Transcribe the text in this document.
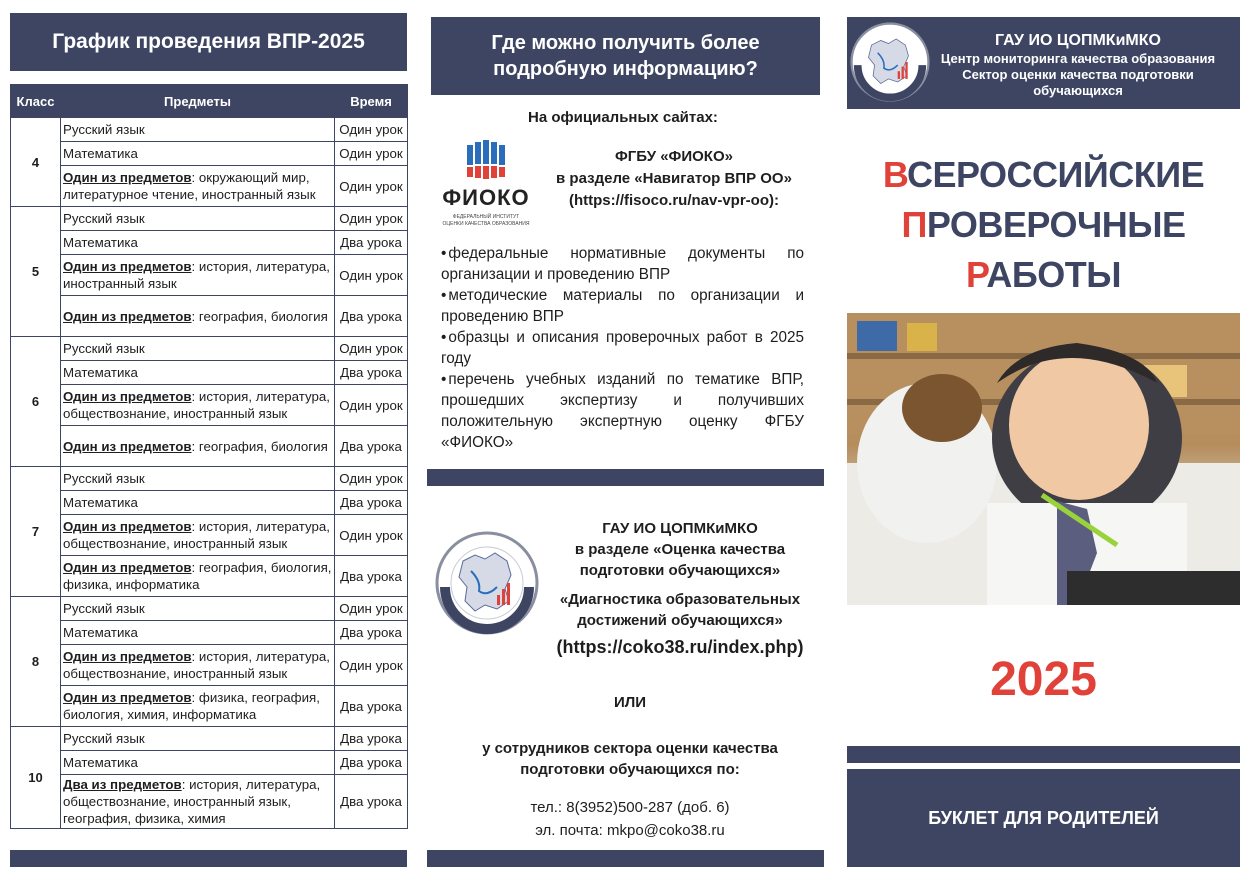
График проведения ВПР-2025
Класс	Предметы	Время
4	Русский язык	Один урок
	Математика	Один урок
	Один из предметов: окружающий мир, литературное чтение, иностранный язык	Один урок
5	Русский язык	Один урок
	Математика	Два урока
	Один из предметов: история, литература, иностранный язык	Один урок
	Один из предметов: география, биология	Два урока
6	Русский язык	Один урок
	Математика	Два урока
	Один из предметов: история, литература, обществознание, иностранный язык	Один урок
	Один из предметов: география, биология	Два урока
7	Русский язык	Один урок
	Математика	Два урока
	Один из предметов: история, литература, обществознание, иностранный язык	Один урок
	Один из предметов: география, биология, физика, информатика	Два урока
8	Русский язык	Один урок
	Математика	Два урока
	Один из предметов: история, литература, обществознание, иностранный язык	Один урок
	Один из предметов: физика, география, биология, химия, информатика	Два урока
10	Русский язык	Два урока
	Математика	Два урока
	Два из предметов: история, литература, обществознание, иностранный язык, география, физика, химия	Два урока
Где можно получить более подробную информацию?
На официальных сайтах:
ФИОКО
ФЕДЕРАЛЬНЫЙ ИНСТИТУТ
ОЦЕНКИ КАЧЕСТВА ОБРАЗОВАНИЯ
ФГБУ «ФИОКО»
в разделе «Навигатор ВПР ОО»
(https://fisoco.ru/nav-vpr-oo):
• федеральные нормативные документы по организации и проведению ВПР
• методические материалы по организации и проведению ВПР
• образцы и описания проверочных работ в 2025 году
• перечень учебных изданий по тематике ВПР, прошедших экспертизу и получивших положительную экспертную оценку ФГБУ «ФИОКО»
ГАУ ИО ЦОПМКиМКО
в разделе «Оценка качества подготовки обучающихся»
«Диагностика образовательных достижений обучающихся»
(https://coko38.ru/index.php)
ИЛИ
у сотрудников сектора оценки качества подготовки обучающихся по:
тел.: 8(3952)500-287 (доб. 6)
эл. почта: mkpo@coko38.ru
ГАУ ИО ЦОПМКиМКО
Центр мониторинга качества образования
Сектор оценки качества подготовки обучающихся
ВСЕРОССИЙСКИЕ
ПРОВЕРОЧНЫЕ
РАБОТЫ
2025
БУКЛЕТ ДЛЯ РОДИТЕЛЕЙ
